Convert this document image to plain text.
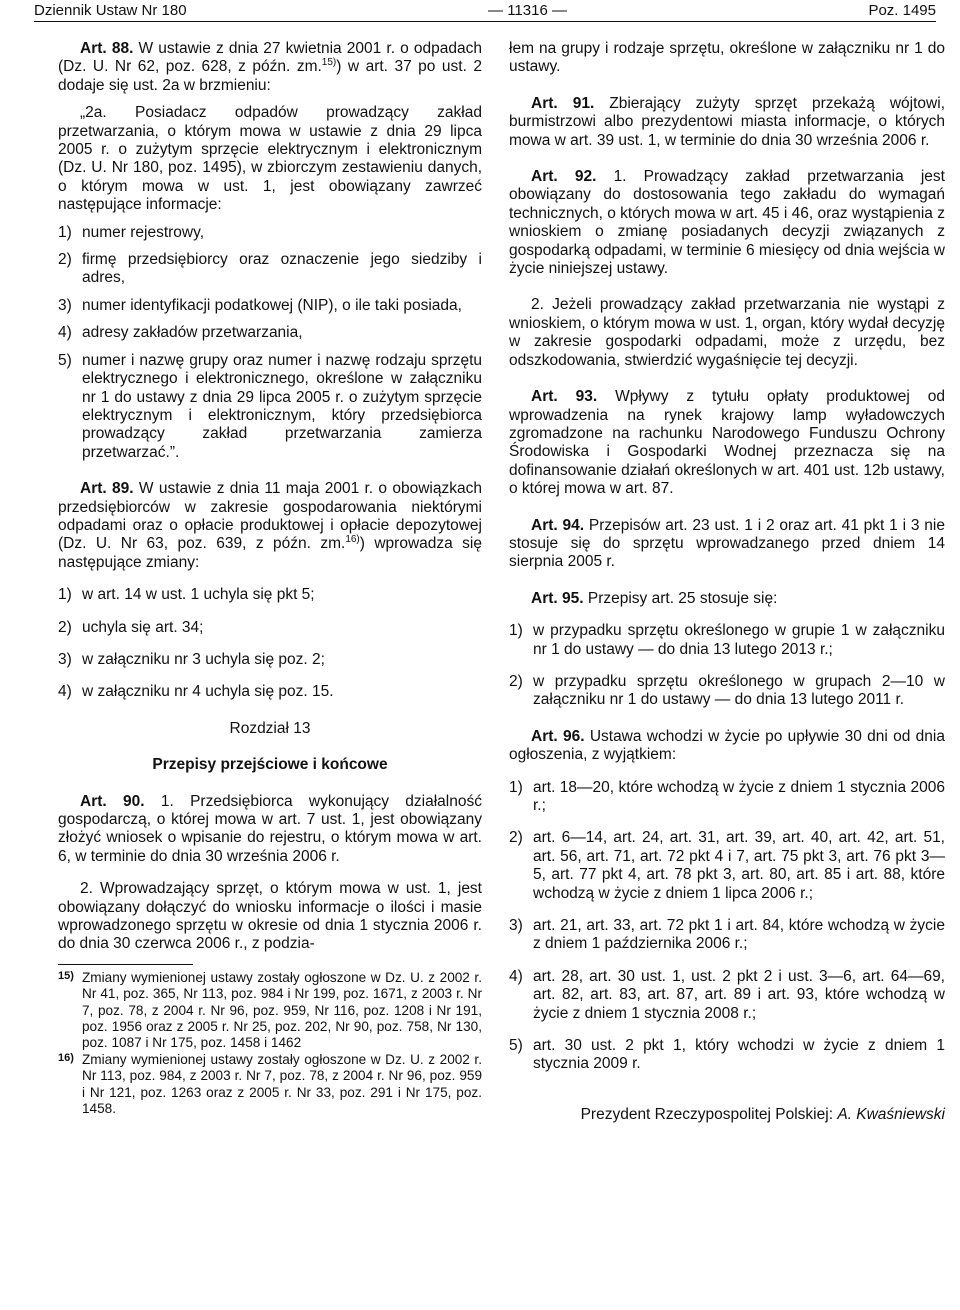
Dziennik Ustaw Nr 180	— 11316 —	Poz. 1495

Art. 88. W ustawie z dnia 27 kwietnia 2001 r. o odpadach (Dz. U. Nr 62, poz. 628, z późn. zm.$^{15)}$) w art. 37 po ust. 2 dodaje się ust. 2a w brzmieniu:

„2a. Posiadacz odpadów prowadzący zakład przetwarzania, o którym mowa w ustawie z dnia 29 lipca 2005 r. o zużytym sprzęcie elektrycznym i elektronicznym (Dz. U. Nr 180, poz. 1495), w zbiorczym zestawieniu danych, o którym mowa w ust. 1, jest obowiązany zawrzeć następujące informacje:

1) numer rejestrowy,
2) firmę przedsiębiorcy oraz oznaczenie jego siedziby i adres,
3) numer identyfikacji podatkowej (NIP), o ile taki posiada,
4) adresy zakładów przetwarzania,
5) numer i nazwę grupy oraz numer i nazwę rodzaju sprzętu elektrycznego i elektronicznego, określone w załączniku nr 1 do ustawy z dnia 29 lipca 2005 r. o zużytym sprzęcie elektrycznym i elektronicznym, który przedsiębiorca prowadzący zakład przetwarzania zamierza przetwarzać.”.

Art. 89. W ustawie z dnia 11 maja 2001 r. o obowiązkach przedsiębiorców w zakresie gospodarowania niektórymi odpadami oraz o opłacie produktowej i opłacie depozytowej (Dz. U. Nr 63, poz. 639, z późn. zm.$^{16)}$) wprowadza się następujące zmiany:

1) w art. 14 w ust. 1 uchyla się pkt 5;
2) uchyla się art. 34;
3) w załączniku nr 3 uchyla się poz. 2;
4) w załączniku nr 4 uchyla się poz. 15.

Rozdział 13

Przepisy przejściowe i końcowe

Art. 90. 1. Przedsiębiorca wykonujący działalność gospodarczą, o której mowa w art. 7 ust. 1, jest obowiązany złożyć wniosek o wpisanie do rejestru, o którym mowa w art. 6, w terminie do dnia 30 września 2006 r.

2. Wprowadzający sprzęt, o którym mowa w ust. 1, jest obowiązany dołączyć do wniosku informacje o ilości i masie wprowadzonego sprzętu w okresie od dnia 1 stycznia 2006 r. do dnia 30 czerwca 2006 r., z podzia-

15) Zmiany wymienionej ustawy zostały ogłoszone w Dz. U. z 2002 r. Nr 41, poz. 365, Nr 113, poz. 984 i Nr 199, poz. 1671, z 2003 r. Nr 7, poz. 78, z 2004 r. Nr 96, poz. 959, Nr 116, poz. 1208 i Nr 191, poz. 1956 oraz z 2005 r. Nr 25, poz. 202, Nr 90, poz. 758, Nr 130, poz. 1087 i Nr 175, poz. 1458 i 1462
16) Zmiany wymienionej ustawy zostały ogłoszone w Dz. U. z 2002 r. Nr 113, poz. 984, z 2003 r. Nr 7, poz. 78, z 2004 r. Nr 96, poz. 959 i Nr 121, poz. 1263 oraz z 2005 r. Nr 33, poz. 291 i Nr 175, poz. 1458.

łem na grupy i rodzaje sprzętu, określone w załączniku nr 1 do ustawy.

Art. 91. Zbierający zużyty sprzęt przekażą wójtowi, burmistrzowi albo prezydentowi miasta informacje, o których mowa w art. 39 ust. 1, w terminie do dnia 30 września 2006 r.

Art. 92. 1. Prowadzący zakład przetwarzania jest obowiązany do dostosowania tego zakładu do wymagań technicznych, o których mowa w art. 45 i 46, oraz wystąpienia z wnioskiem o zmianę posiadanych decyzji związanych z gospodarką odpadami, w terminie 6 miesięcy od dnia wejścia w życie niniejszej ustawy.

2. Jeżeli prowadzący zakład przetwarzania nie wystąpi z wnioskiem, o którym mowa w ust. 1, organ, który wydał decyzję w zakresie gospodarki odpadami, może z urzędu, bez odszkodowania, stwierdzić wygaśnięcie tej decyzji.

Art. 93. Wpływy z tytułu opłaty produktowej od wprowadzenia na rynek krajowy lamp wyładowczych zgromadzone na rachunku Narodowego Funduszu Ochrony Środowiska i Gospodarki Wodnej przeznacza się na dofinansowanie działań określonych w art. 401 ust. 12b ustawy, o której mowa w art. 87.

Art. 94. Przepisów art. 23 ust. 1 i 2 oraz art. 41 pkt 1 i 3 nie stosuje się do sprzętu wprowadzanego przed dniem 14 sierpnia 2005 r.

Art. 95. Przepisy art. 25 stosuje się:

1) w przypadku sprzętu określonego w grupie 1 w załączniku nr 1 do ustawy — do dnia 13 lutego 2013 r.;
2) w przypadku sprzętu określonego w grupach 2—10 w załączniku nr 1 do ustawy — do dnia 13 lutego 2011 r.

Art. 96. Ustawa wchodzi w życie po upływie 30 dni od dnia ogłoszenia, z wyjątkiem:

1) art. 18—20, które wchodzą w życie z dniem 1 stycznia 2006 r.;
2) art. 6—14, art. 24, art. 31, art. 39, art. 40, art. 42, art. 51, art. 56, art. 71, art. 72 pkt 4 i 7, art. 75 pkt 3, art. 76 pkt 3—5, art. 77 pkt 4, art. 78 pkt 3, art. 80, art. 85 i art. 88, które wchodzą w życie z dniem 1 lipca 2006 r.;
3) art. 21, art. 33, art. 72 pkt 1 i art. 84, które wchodzą w życie z dniem 1 października 2006 r.;
4) art. 28, art. 30 ust. 1, ust. 2 pkt 2 i ust. 3—6, art. 64—69, art. 82, art. 83, art. 87, art. 89 i art. 93, które wchodzą w życie z dniem 1 stycznia 2008 r.;
5) art. 30 ust. 2 pkt 1, który wchodzi w życie z dniem 1 stycznia 2009 r.

Prezydent Rzeczypospolitej Polskiej: A. Kwaśniewski
